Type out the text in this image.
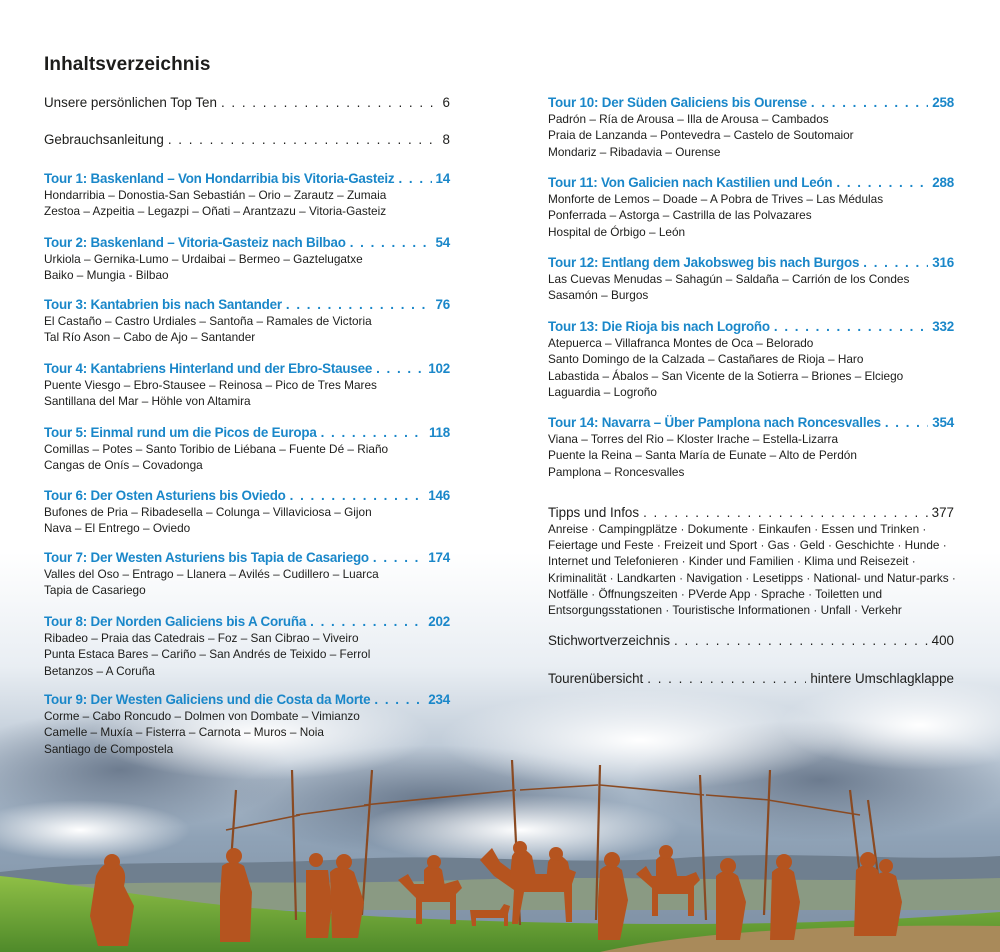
Inhaltsverzeichnis
Unsere persönlichen Top Ten . . .	6
Gebrauchsanleitung . . .	8
Tour 1: Baskenland – Von Hondarribia bis Vitoria-Gasteiz . . .	14
Hondarribia – Donostia-San Sebastián – Orio – Zarautz – Zumaia
Zestoa – Azpeitia – Legazpi – Oñati – Arantzazu – Vitoria-Gasteiz
Tour 2: Baskenland – Vitoria-Gasteiz nach Bilbao . . .	54
Urkiola – Gernika-Lumo – Urdaibai – Bermeo – Gaztelugatxe
Baiko – Mungia - Bilbao
Tour 3: Kantabrien bis nach Santander . . .	76
El Castaño – Castro Urdiales – Santoña – Ramales de Victoria
Tal Río Ason – Cabo de Ajo – Santander
Tour 4: Kantabriens Hinterland und der Ebro-Stausee . . .	102
Puente Viesgo – Ebro-Stausee – Reinosa – Pico de Tres Mares
Santillana del Mar – Höhle von Altamira
Tour 5: Einmal rund um die Picos de Europa . . .	118
Comillas – Potes – Santo Toribio de Liébana – Fuente Dé – Riaño
Cangas de Onís – Covadonga
Tour 6: Der Osten Asturiens bis Oviedo . . .	146
Bufones de Pria – Ribadesella – Colunga – Villaviciosa – Gijon
Nava – El Entrego – Oviedo
Tour 7: Der Westen Asturiens bis Tapia de Casariego . . .	174
Valles del Oso – Entrago – Llanera – Avilés – Cudillero – Luarca
Tapia de Casariego
Tour 8: Der Norden Galiciens bis A Coruña . . .	202
Ribadeo – Praia das Catedrais – Foz – San Cibrao – Viveiro
Punta Estaca Bares – Cariño – San Andrés de Teixido – Ferrol
Betanzos – A Coruña
Tour 9: Der Westen Galiciens und die Costa da Morte . . .	234
Corme – Cabo Roncudo – Dolmen von Dombate – Vimianzo
Camelle – Muxía – Fisterra – Carnota – Muros – Noia
Santiago de Compostela
Tour 10: Der Süden Galiciens bis Ourense . . .	258
Padrón – Ría de Arousa – Illa de Arousa – Cambados
Praia de Lanzanda – Pontevedra – Castelo de Soutomaior
Mondariz – Ribadavia – Ourense
Tour 11: Von Galicien nach Kastilien und León . . .	288
Monforte de Lemos – Doade – A Pobra de Trives – Las Médulas
Ponferrada – Astorga – Castrilla de las Polvazares
Hospital de Órbigo – León
Tour 12: Entlang dem Jakobsweg bis nach Burgos . . .	316
Las Cuevas Menudas – Sahagún – Saldaña – Carrión de los Condes
Sasamón – Burgos
Tour 13: Die Rioja bis nach Logroño . . .	332
Atepuerca – Villafranca Montes de Oca – Belorado
Santo Domingo de la Calzada – Castañares de Rioja – Haro
Labastida – Ábalos – San Vicente de la Sotierra – Briones – Elciego
Laguardia – Logroño
Tour 14: Navarra – Über Pamplona nach Roncesvalles . . .	354
Viana – Torres del Rio – Kloster Irache – Estella-Lizarra
Puente la Reina – Santa María de Eunate – Alto de Perdón
Pamplona – Roncesvalles
Tipps und Infos . . .	377
Anreise · Campingplätze · Dokumente · Einkaufen · Essen und Trinken · Feiertage und Feste · Freizeit und Sport · Gas · Geld · Geschichte · Hunde · Internet und Telefonieren · Kinder und Familien · Klima und Reisezeit · Kriminalität · Landkarten · Navigation · Lesetipps · National- und Natur-parks · Notfälle · Öffnungszeiten · PVerde App · Sprache · Toiletten und Entsorgungsstationen · Touristische Informationen · Unfall · Verkehr
Stichwortverzeichnis . . .	400
Tourenübersicht . . .	hintere Umschlagklappe
